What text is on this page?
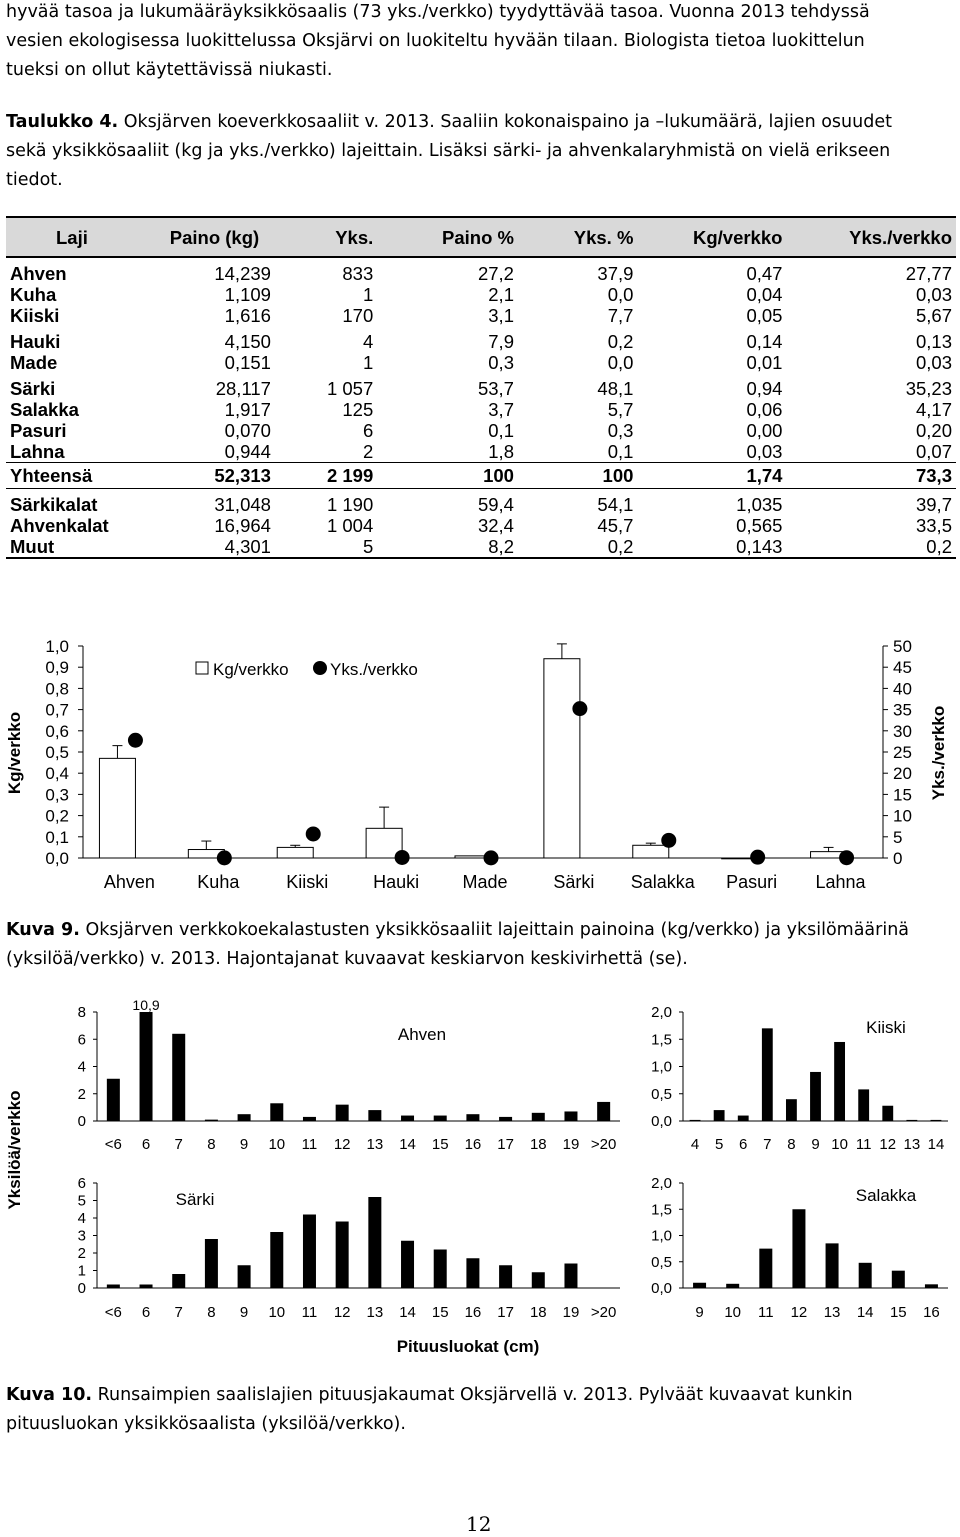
hyvää tasoa ja lukumääräyksikkösaalis (73 yks./verkko) tyydyttävää tasoa. Vuonna 2013 tehdyssä
vesien ekologisessa luokittelussa Oksjärvi on luokiteltu hyvään tilaan. Biologista tietoa luokittelun
tueksi on ollut käytettävissä niukasti.
Taulukko 4. Oksjärven koeverkkosaaliit v. 2013. Saaliin kokonaispaino ja –lukumäärä, lajien osuudet
sekä yksikkösaaliit (kg ja yks./verkko) lajeittain. Lisäksi särki- ja ahvenkalaryhmistä on vielä erikseen
tiedot.
Laji	Paino (kg)	Yks.	Paino %	Yks. %	Kg/verkko	Yks./verkko

Ahven	14,239	833	27,2	37,9	0,47	27,77
Kuha	1,109	1	2,1	0,0	0,04	0,03
Kiiski	1,616	170	3,1	7,7	0,05	5,67

Hauki	4,150	4	7,9	0,2	0,14	0,13
Made	0,151	1	0,3	0,0	0,01	0,03

Särki	28,117	1 057	53,7	48,1	0,94	35,23
Salakka	1,917	125	3,7	5,7	0,06	4,17
Pasuri	0,070	6	0,1	0,3	0,00	0,20
Lahna	0,944	2	1,8	0,1	0,03	0,07
Yhteensä	52,313	2 199	100	100	1,74	73,3

Särkikalat	31,048	1 190	59,4	54,1	1,035	39,7
Ahvenkalat	16,964	1 004	32,4	45,7	0,565	33,5
Muut	4,301	5	8,2	0,2	0,143	0,2
0,0
0,1
0,2
0,3
0,4
0,5
0,6
0,7
0,8
0,9
1,0
0
5
10
15
20
25
30
35
40
45
50
Kg/verkko	Yks./verkko
Ahven Kuha	Kiiski Hauki Made	Särki Salakka Pasuri Lahna
Kg/verkko Yks./verkko
Kuva 9. Oksjärven verkkokoekalastusten yksikkösaaliit lajeittain painoina (kg/verkko) ja yksilömäärinä
(yksilöä/verkko) v. 2013. Hajontajanat kuvaavat keskiarvon keskivirhettä (se).
0
2
4
6
8
Ahven
<6 6 7 8 9 10 11 12 13 14 15 16 17 18 19 >20
10,9
0,0
0,5
1,0
1,5
2,0
Kiiski
4 5 6 7 8 9 10 11 12 13 14
0
1
2
3
4
5
6
Särki
<6 6 7 8 9 10 11 12 13 14 15 16 17 18 19 >20
0,0
0,5
1,0
1,5
2,0
Salakka
9 10 11 12 13 14 15 16
Yksilöä/verkko
Pituusluokat (cm)
Kuva 10. Runsaimpien saalislajien pituusjakaumat Oksjärvellä v. 2013. Pylväät kuvaavat kunkin
pituusluokan yksikkösaalista (yksilöä/verkko).
12
